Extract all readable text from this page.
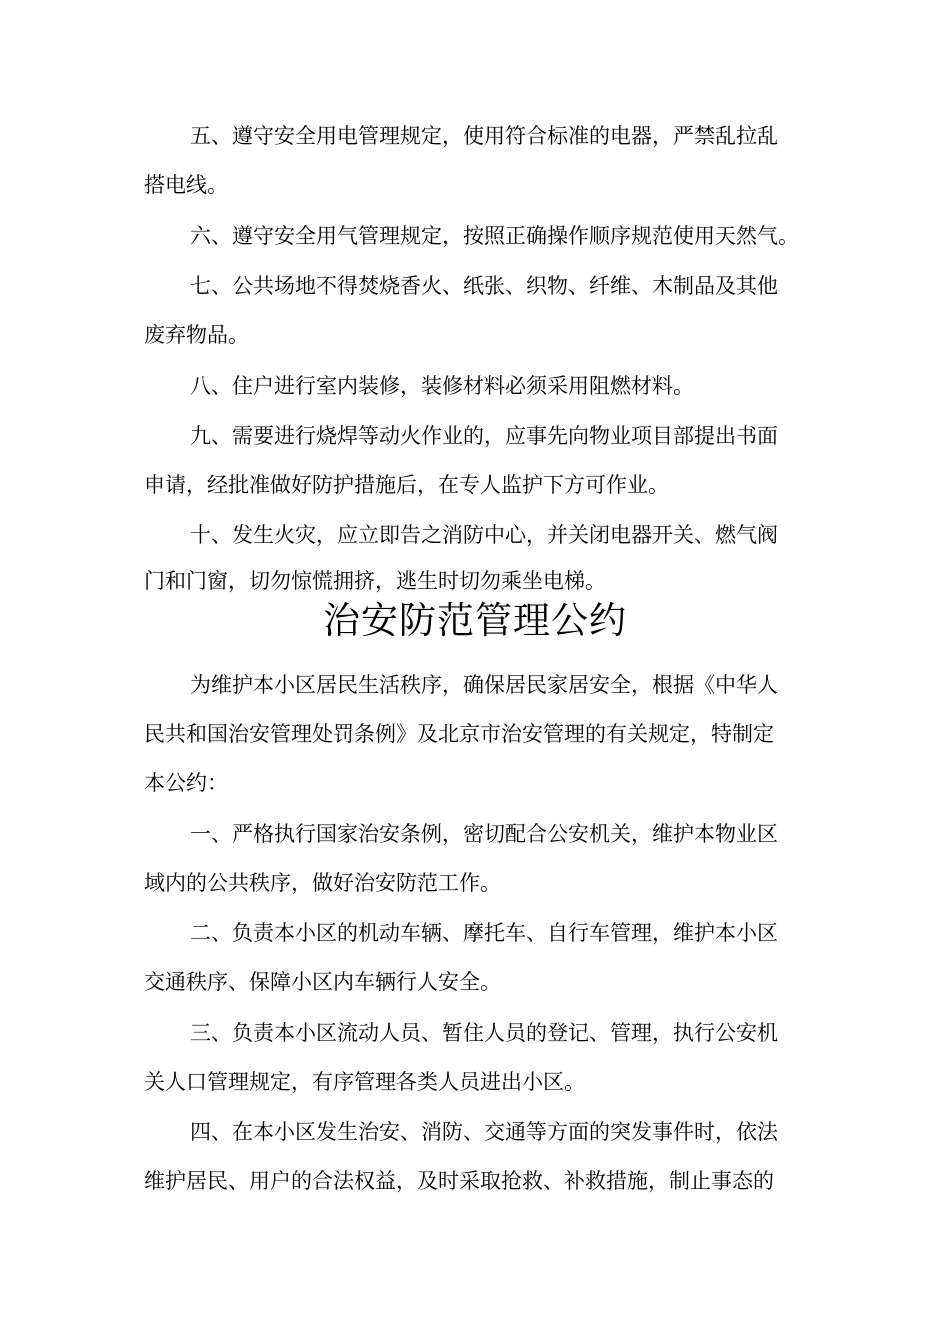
五、遵守安全用电管理规定，使用符合标准的电器，严禁乱拉乱
搭电线。
六、遵守安全用气管理规定，按照正确操作顺序规范使用天然气。
七、公共场地不得焚烧香火、纸张、织物、纤维、木制品及其他
废弃物品。
八、住户进行室内装修，装修材料必须采用阻燃材料。
九、需要进行烧焊等动火作业的，应事先向物业项目部提出书面
申请，经批准做好防护措施后，在专人监护下方可作业。
十、发生火灾，应立即告之消防中心，并关闭电器开关、燃气阀
门和门窗，切勿惊慌拥挤，逃生时切勿乘坐电梯。
治安防范管理公约
为维护本小区居民生活秩序，确保居民家居安全，根据《中华人
民共和国治安管理处罚条例》及北京市治安管理的有关规定，特制定
本公约：
一、严格执行国家治安条例，密切配合公安机关，维护本物业区
域内的公共秩序，做好治安防范工作。
二、负责本小区的机动车辆、摩托车、自行车管理，维护本小区
交通秩序、保障小区内车辆行人安全。
三、负责本小区流动人员、暂住人员的登记、管理，执行公安机
关人口管理规定，有序管理各类人员进出小区。
四、在本小区发生治安、消防、交通等方面的突发事件时，依法
维护居民、用户的合法权益，及时采取抢救、补救措施，制止事态的
